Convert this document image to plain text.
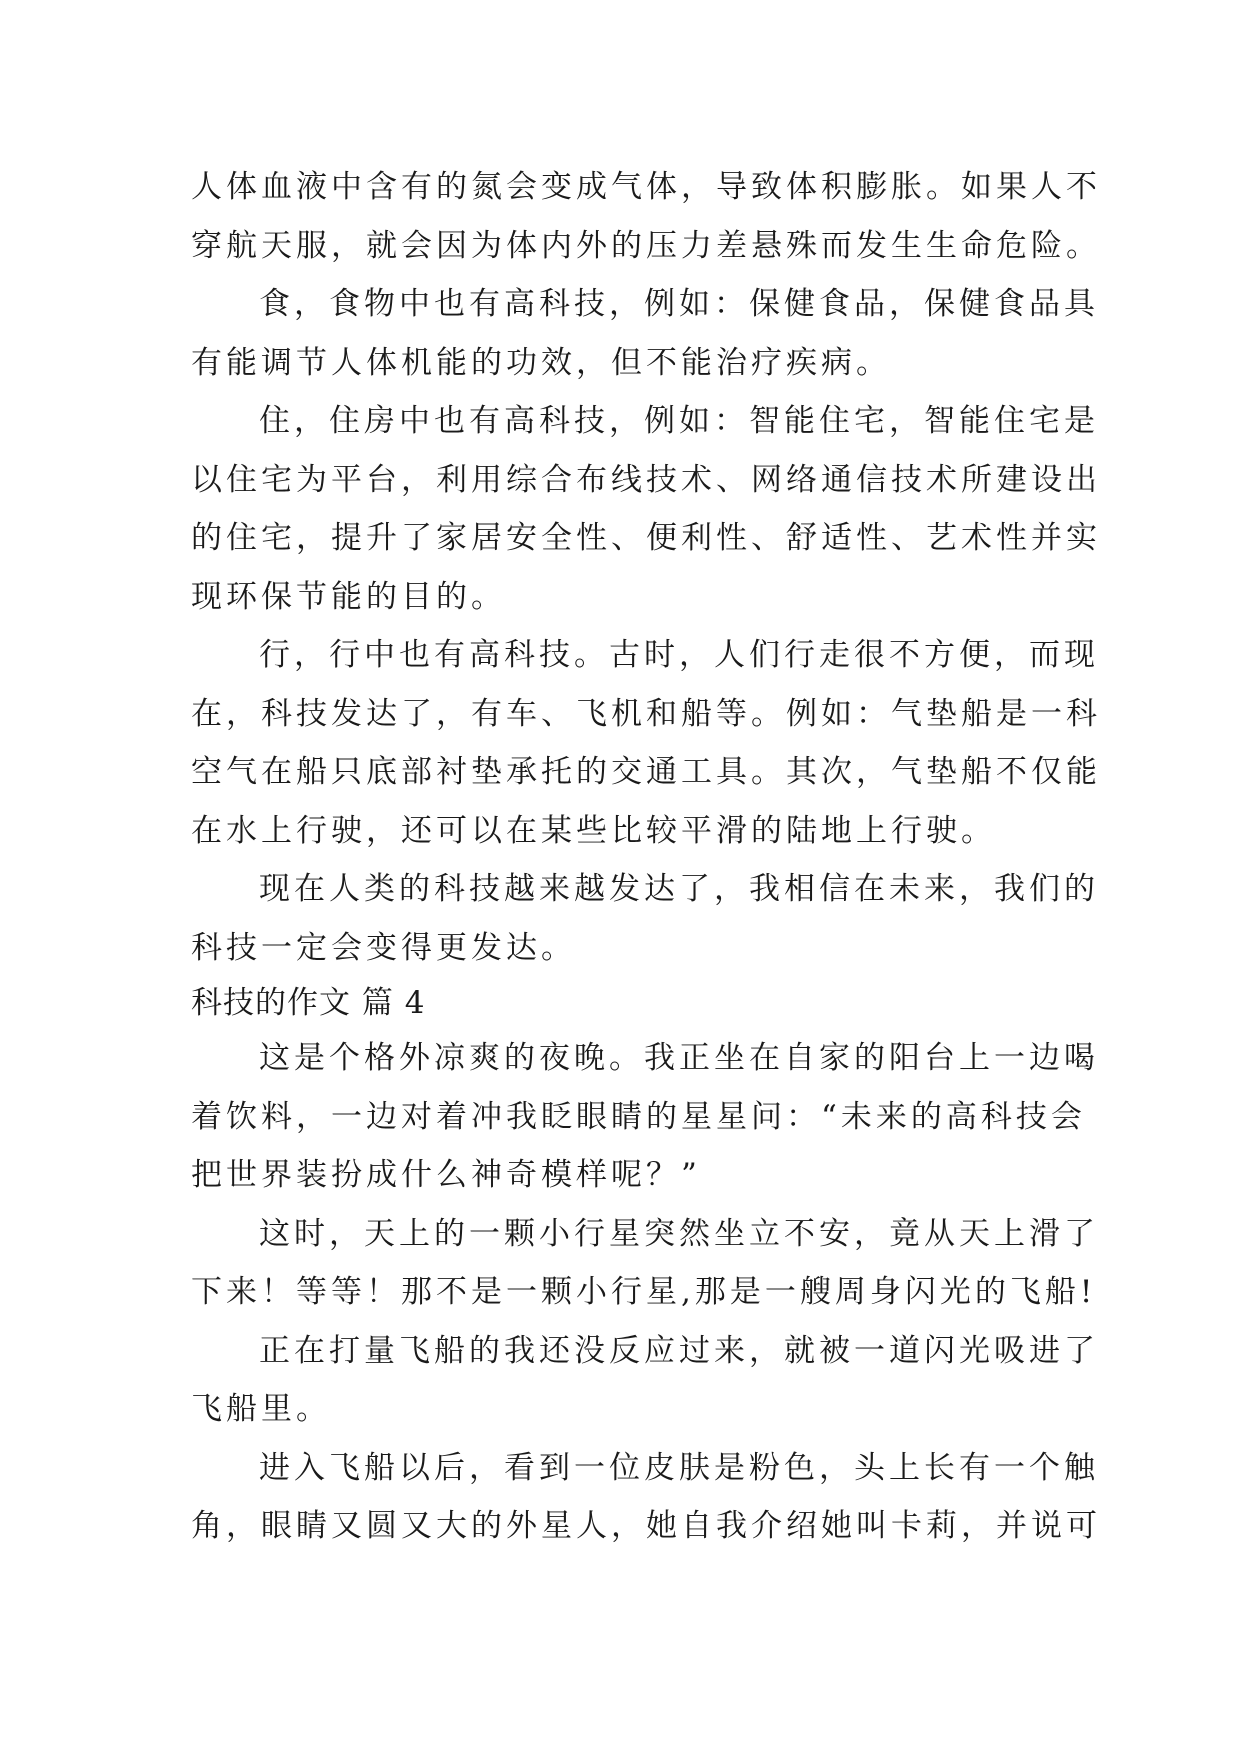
人体血液中含有的氮会变成气体，导致体积膨胀。如果人不
穿航天服，就会因为体内外的压力差悬殊而发生生命危险。
食，食物中也有高科技，例如：保健食品，保健食品具
有能调节人体机能的功效，但不能治疗疾病。
住，住房中也有高科技，例如：智能住宅，智能住宅是
以住宅为平台，利用综合布线技术、网络通信技术所建设出
的住宅，提升了家居安全性、便利性、舒适性、艺术性并实
现环保节能的目的。
行，行中也有高科技。古时，人们行走很不方便，而现
在，科技发达了，有车、飞机和船等。例如：气垫船是一科
空气在船只底部衬垫承托的交通工具。其次，气垫船不仅能
在水上行驶，还可以在某些比较平滑的陆地上行驶。
现在人类的科技越来越发达了，我相信在未来，我们的
科技一定会变得更发达。
科技的作文 篇 4
这是个格外凉爽的夜晚。我正坐在自家的阳台上一边喝
着饮料，一边对着冲我眨眼睛的星星问：“未来的高科技会
把世界装扮成什么神奇模样呢？”
这时，天上的一颗小行星突然坐立不安，竟从天上滑了
下来！等等！那不是一颗小行星,那是一艘周身闪光的飞船!
正在打量飞船的我还没反应过来，就被一道闪光吸进了
飞船里。
进入飞船以后，看到一位皮肤是粉色，头上长有一个触
角，眼睛又圆又大的外星人，她自我介绍她叫卡莉，并说可
